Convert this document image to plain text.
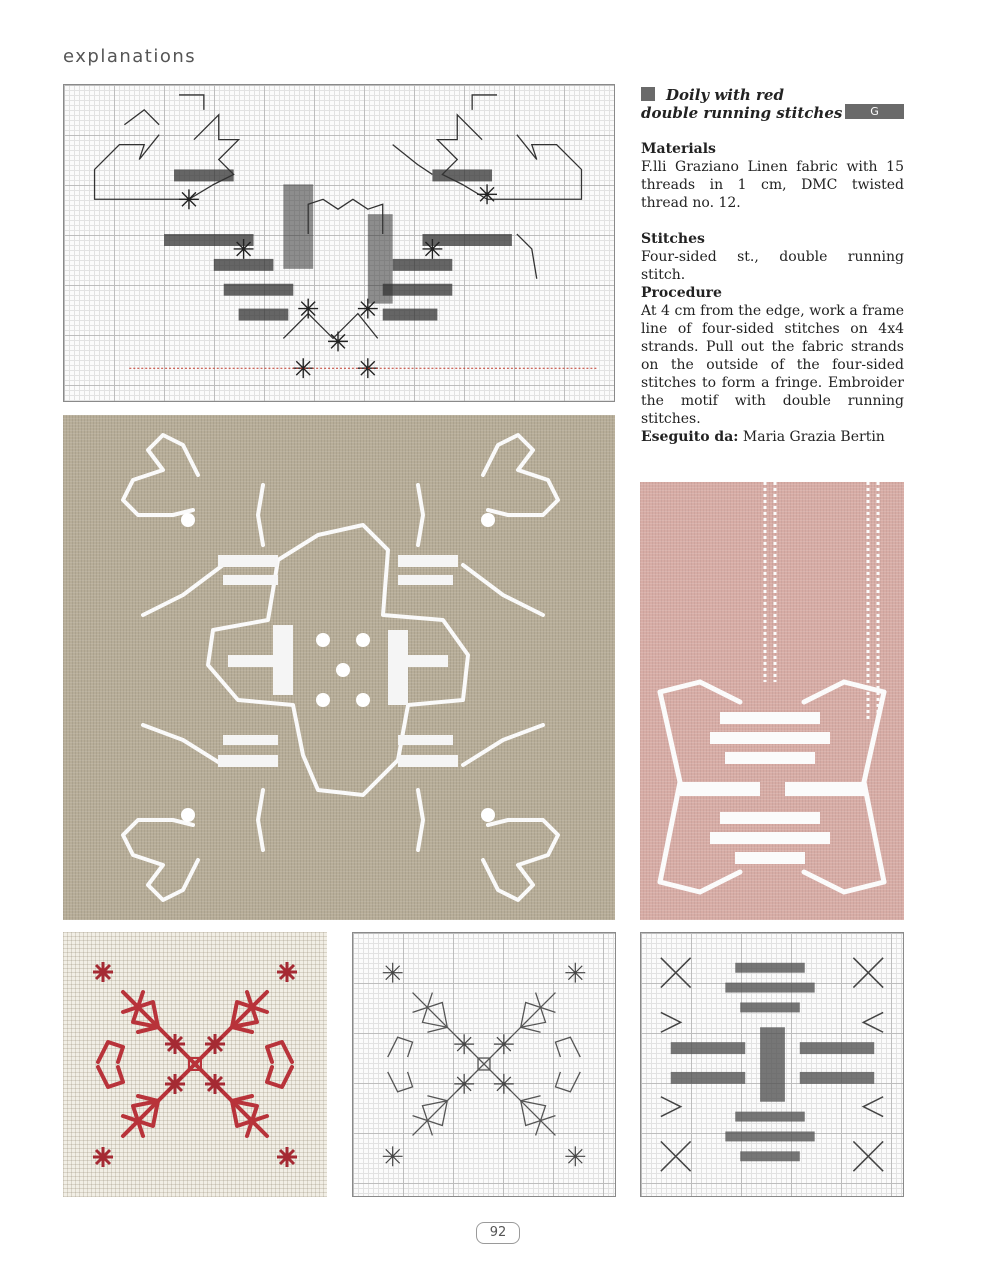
explanations
Doily with red
double running stitches	G
Materials

F.lli Graziano Linen fabric with 15 threads in 1 cm, DMC twisted thread no. 12.

Stitches

Four-sided st., double running stitch.

Procedure

At 4 cm from the edge, work a frame line of four-sided stitches on 4x4 strands. Pull out the fabric strands on the outside of the four-sided stitches to form a fringe. Embroider the motif with double running stitches.

Eseguito da: Maria Grazia Bertin
92
